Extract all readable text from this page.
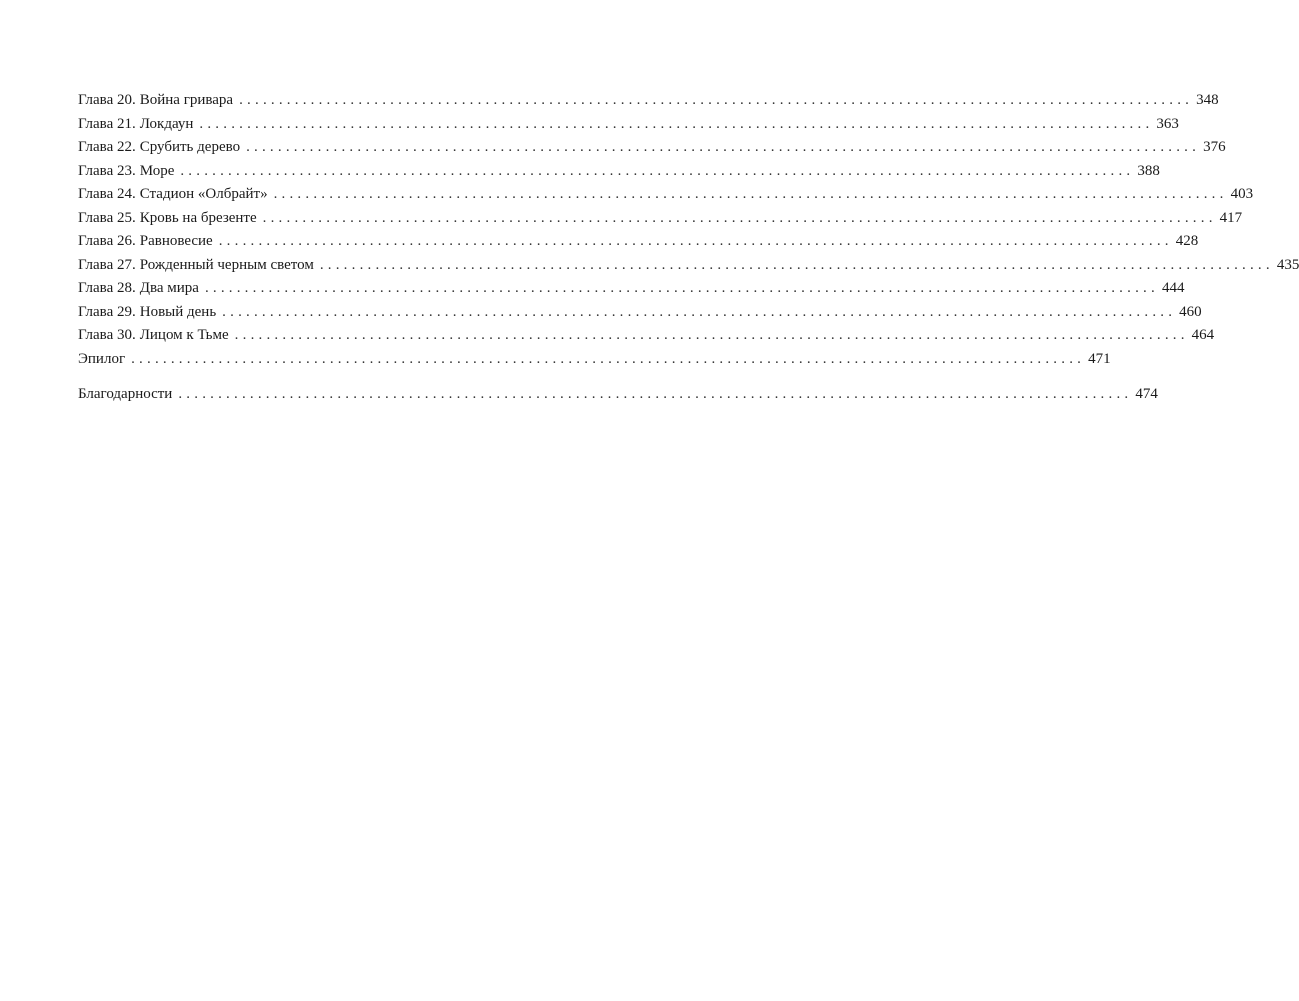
Глава 20. Война гривара ........................................................................................................................ 348
Глава 21. Локдаун ........................................................................................................................ 363
Глава 22. Срубить дерево ........................................................................................................................ 376
Глава 23. Море ........................................................................................................................ 388
Глава 24. Стадион «Олбрайт» ........................................................................................................................ 403
Глава 25. Кровь на брезенте ........................................................................................................................ 417
Глава 26. Равновесие ........................................................................................................................ 428
Глава 27. Рожденный черным светом ........................................................................................................................ 435
Глава 28. Два мира ........................................................................................................................ 444
Глава 29. Новый день ........................................................................................................................ 460
Глава 30. Лицом к Тьме ........................................................................................................................ 464
Эпилог ........................................................................................................................ 471
Благодарности ........................................................................................................................ 474
